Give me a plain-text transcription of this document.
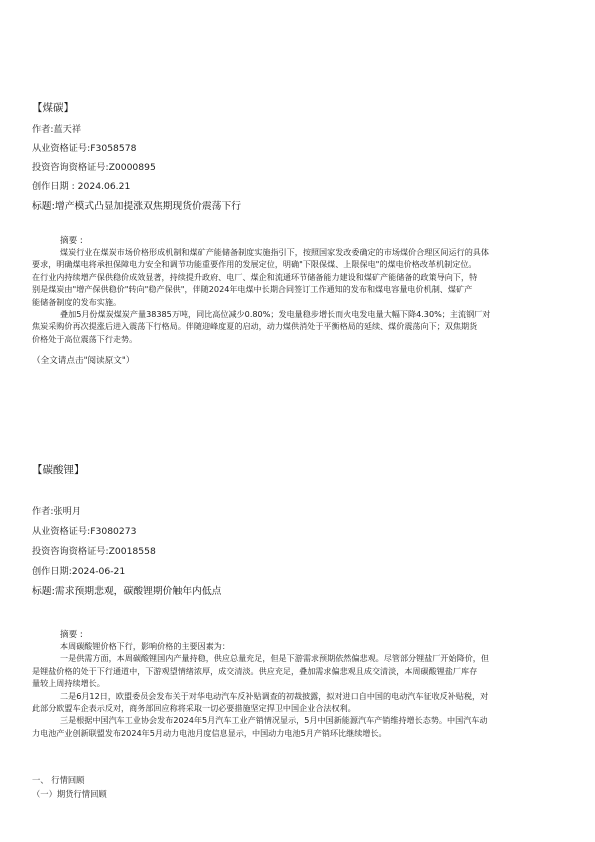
【煤碳】
作者:蓝天祥
从业资格证号:F3058578
投资咨询资格证号:Z0000895
创作日期 : 2024.06.21
标题:增产模式凸显加提涨双焦期现货价震荡下行
摘要 :
煤炭行业在煤炭市场价格形成机制和煤矿产能储备制度实施指引下，按照国家发改委确定的市场煤价合理区间运行的具体
要求，明确煤电将承担保障电力安全和调节功能重要作用的发展定位，明确"下限保煤、上限保电"的煤电价格改革机制定位。
在行业内持续增产保供稳价成效显著，持续提升政府、电厂、煤企和流通环节储备能力建设和煤矿产能储备的政策导向下，特
别是煤炭由"增产保供稳价"转向"稳产保供"，伴随2024年电煤中长期合同签订工作通知的发布和煤电容量电价机制、煤矿产
能储备制度的发布实施。
叠加5月份煤炭煤炭产量38385万吨，同比高位减少0.80%；发电量稳步增长而火电发电量大幅下降4.30%；主流钢厂对
焦炭采购价再次提涨后进入震荡下行格局。伴随迎峰度夏的启动，动力煤供消处于平衡格局的延续、煤价震荡向下；双焦期货
价格处于高位震荡下行走势。
（全文请点击"阅读原文"）
【碳酸锂】
作者:张明月
从业资格证号:F3080273
投资咨询资格证号:Z0018558
创作日期:2024-06-21
标题:需求预期悲观，碳酸锂期价触年内低点
摘要 :
本周碳酸锂价格下行，影响价格的主要因素为：
一是供需方面，本周碳酸锂国内产量持稳，供应总量充足，但是下游需求预期依然偏悲观。尽管部分锂盐厂开始降价，但
是锂盐价格的处于下行通道中，下游观望情绪浓厚，成交清淡。供应充足，叠加需求偏悲观且成交清淡，本周碳酸锂盐厂库存
量较上周持续增长。
二是6月12日，欧盟委员会发布关于对华电动汽车反补贴调查的初裁披露，拟对进口自中国的电动汽车征收反补贴税，对
此部分欧盟车企表示反对，商务部回应称将采取一切必要措施坚定捍卫中国企业合法权利。
三是根据中国汽车工业协会发布2024年5月汽车工业产销情况显示，5月中国新能源汽车产销维持增长态势。中国汽车动
力电池产业创新联盟发布2024年5月动力电池月度信息显示，中国动力电池5月产销环比继续增长。
一、 行情回顾
（一）期货行情回顾
